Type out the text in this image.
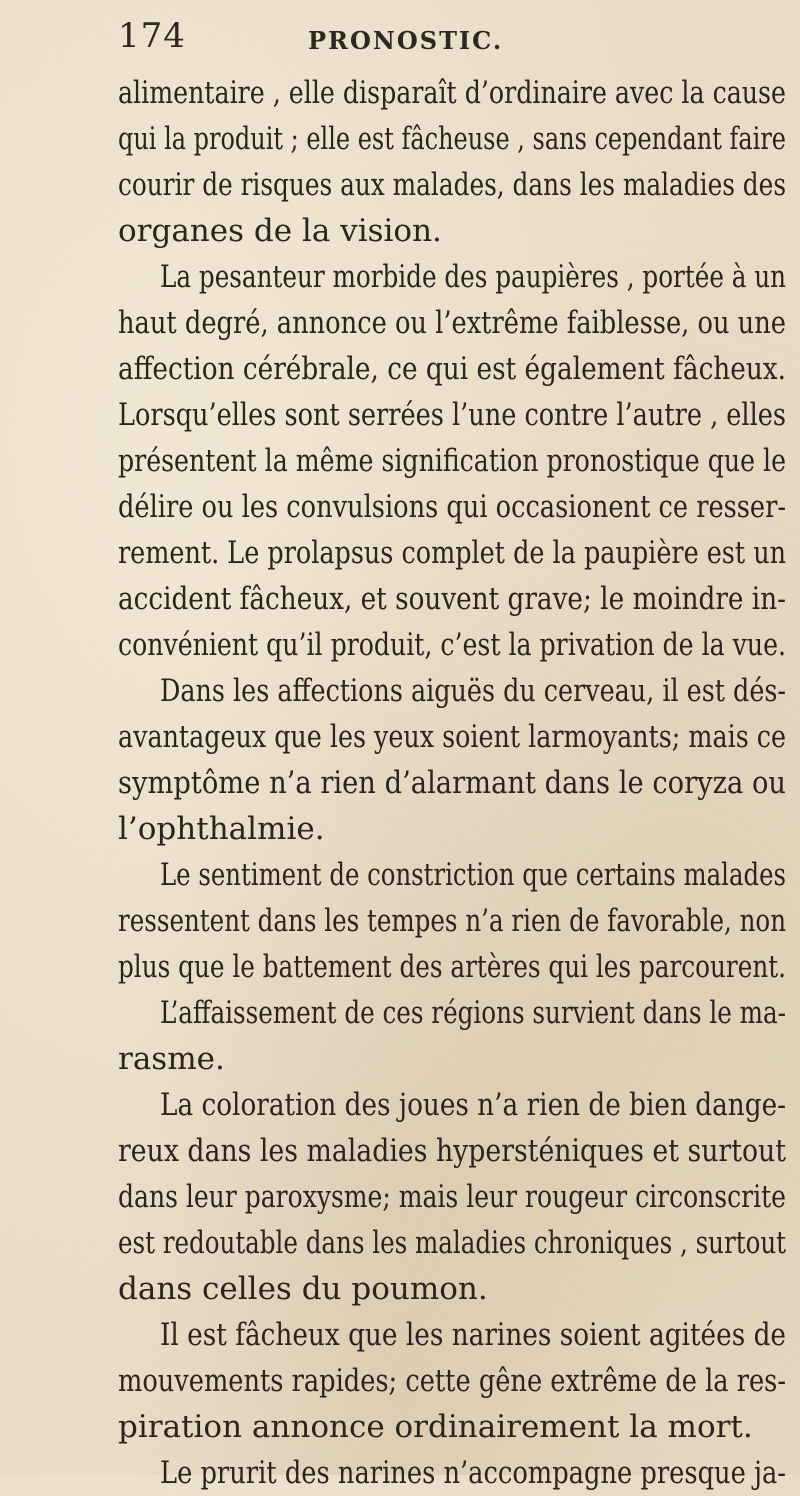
174	PRONOSTIC.
alimentaire , elle disparaît d’ordinaire avec la cause
qui la produit ; elle est fâcheuse , sans cependant faire
courir de risques aux malades, dans les maladies des
organes de la vision.
La pesanteur morbide des paupières , portée à un
haut degré, annonce ou l’extrême faiblesse, ou une
affection cérébrale, ce qui est également fâcheux.
Lorsqu’elles sont serrées l’une contre l’autre , elles
présentent la même signification pronostique que le
délire ou les convulsions qui occasionent ce resser-
rement. Le prolapsus complet de la paupière est un
accident fâcheux, et souvent grave; le moindre in-
convénient qu’il produit, c’est la privation de la vue.
Dans les affections aiguës du cerveau, il est dés-
avantageux que les yeux soient larmoyants; mais ce
symptôme n’a rien d’alarmant dans le coryza ou
l’ophthalmie.
Le sentiment de constriction que certains malades
ressentent dans les tempes n’a rien de favorable, non
plus que le battement des artères qui les parcourent.
L’affaissement de ces régions survient dans le ma-
rasme.
La coloration des joues n’a rien de bien dange-
reux dans les maladies hypersténiques et surtout
dans leur paroxysme; mais leur rougeur circonscrite
est redoutable dans les maladies chroniques , surtout
dans celles du poumon.
Il est fâcheux que les narines soient agitées de
mouvements rapides; cette gêne extrême de la res-
piration annonce ordinairement la mort.
Le prurit des narines n’accompagne presque ja-
